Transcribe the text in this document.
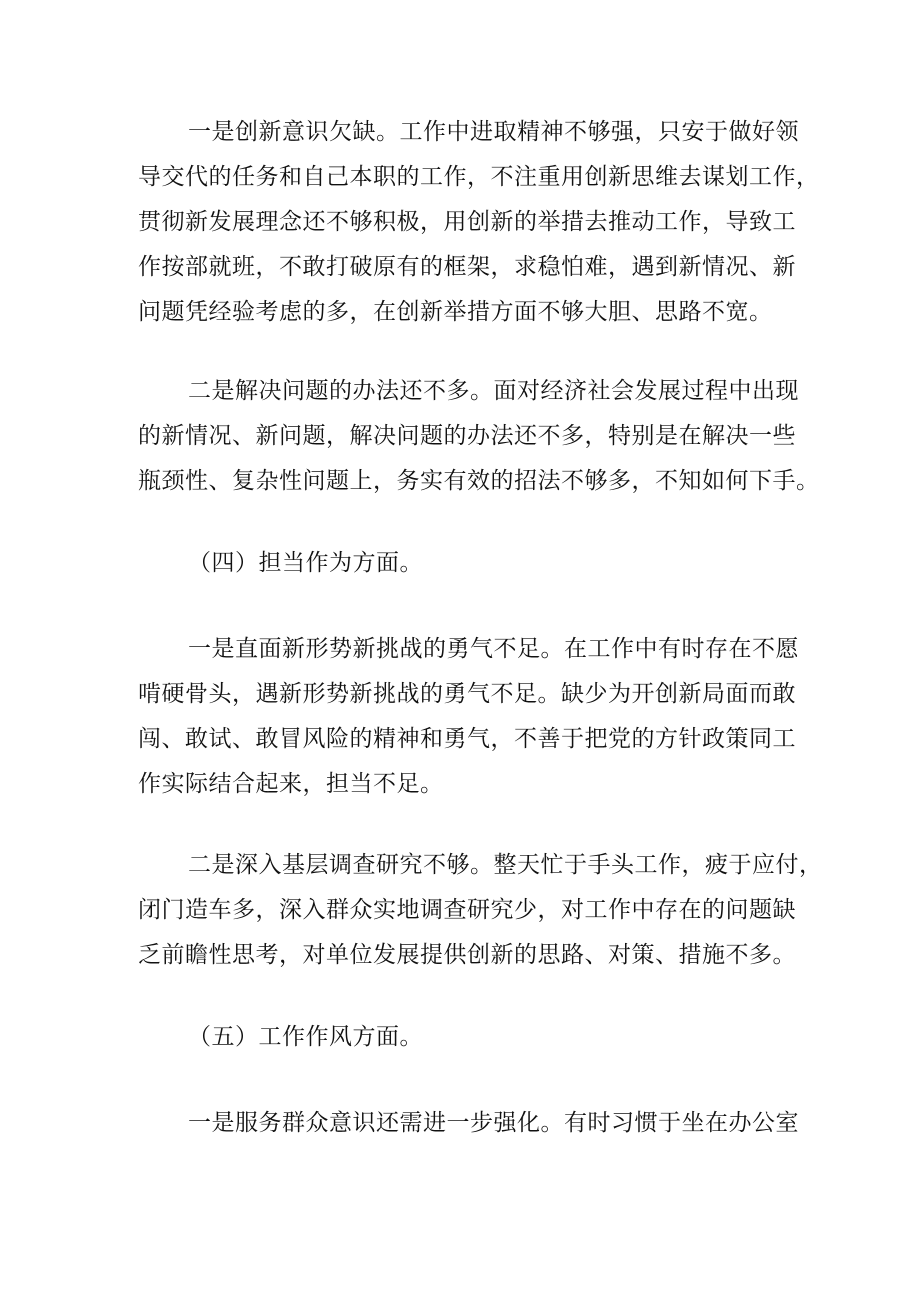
一是创新意识欠缺。工作中进取精神不够强，只安于做好领
导交代的任务和自己本职的工作，不注重用创新思维去谋划工作，
贯彻新发展理念还不够积极，用创新的举措去推动工作，导致工
作按部就班，不敢打破原有的框架，求稳怕难，遇到新情况、新
问题凭经验考虑的多，在创新举措方面不够大胆、思路不宽。
二是解决问题的办法还不多。面对经济社会发展过程中出现
的新情况、新问题，解决问题的办法还不多，特别是在解决一些
瓶颈性、复杂性问题上，务实有效的招法不够多，不知如何下手。
（四）担当作为方面。
一是直面新形势新挑战的勇气不足。在工作中有时存在不愿
啃硬骨头，遇新形势新挑战的勇气不足。缺少为开创新局面而敢
闯、敢试、敢冒风险的精神和勇气，不善于把党的方针政策同工
作实际结合起来，担当不足。
二是深入基层调查研究不够。整天忙于手头工作，疲于应付，
闭门造车多，深入群众实地调查研究少，对工作中存在的问题缺
乏前瞻性思考，对单位发展提供创新的思路、对策、措施不多。
（五）工作作风方面。
一是服务群众意识还需进一步强化。有时习惯于坐在办公室
